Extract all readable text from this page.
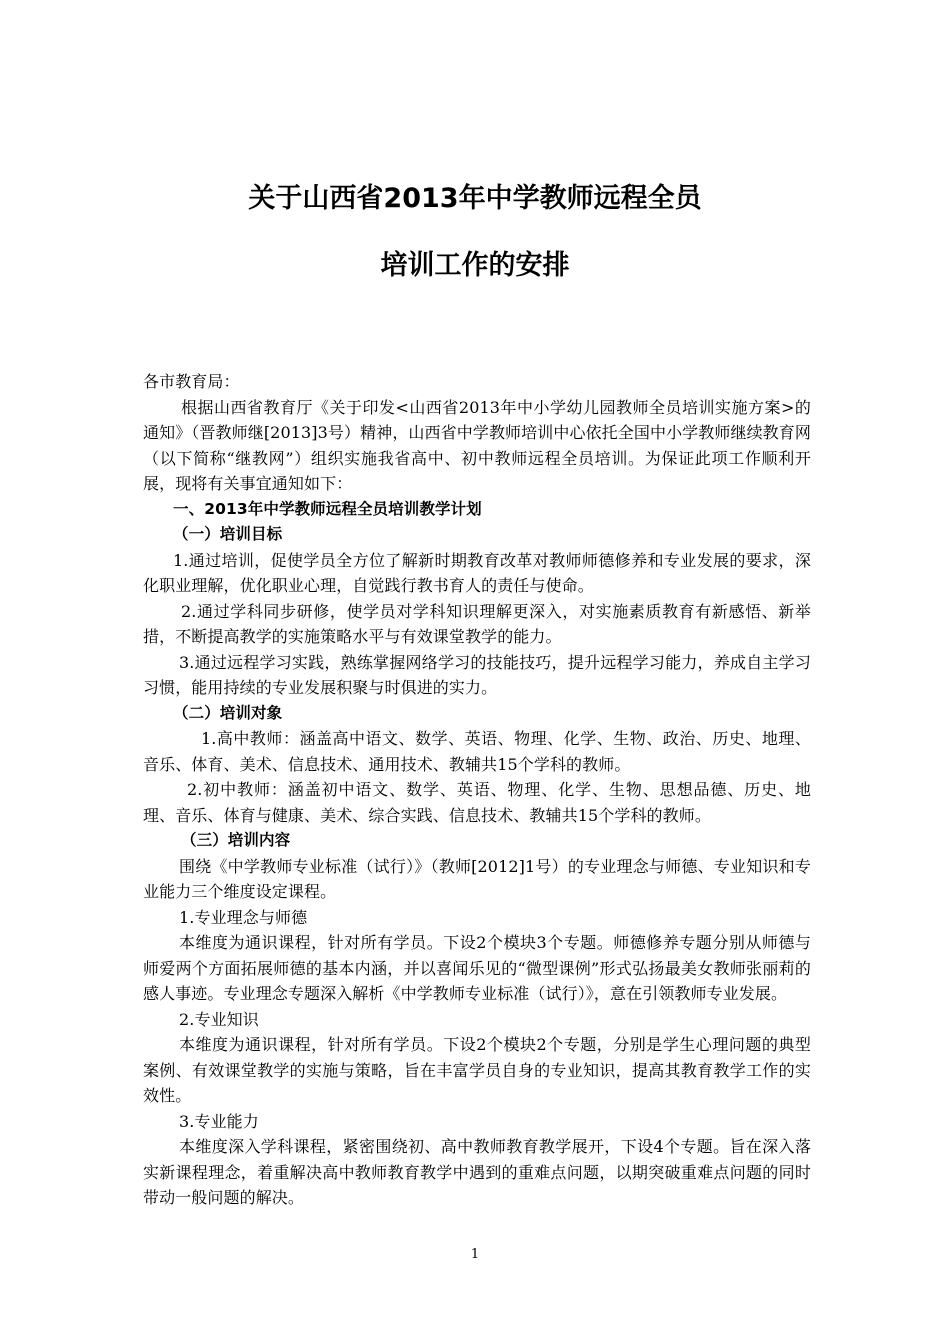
关于山西省2013年中学教师远程全员
培训工作的安排

各市教育局：

根据山西省教育厅《关于印发<山西省2013年中小学幼儿园教师全员培训实施方案>的通知》（晋教师继[2013]3号）精神，山西省中学教师培训中心依托全国中小学教师继续教育网（以下简称“继教网”）组织实施我省高中、初中教师远程全员培训。为保证此项工作顺利开展，现将有关事宜通知如下：

一、2013年中学教师远程全员培训教学计划

（一）培训目标

1.通过培训，促使学员全方位了解新时期教育改革对教师师德修养和专业发展的要求，深化职业理解，优化职业心理，自觉践行教书育人的责任与使命。

2.通过学科同步研修，使学员对学科知识理解更深入，对实施素质教育有新感悟、新举措，不断提高教学的实施策略水平与有效课堂教学的能力。

3.通过远程学习实践，熟练掌握网络学习的技能技巧，提升远程学习能力，养成自主学习习惯，能用持续的专业发展积聚与时俱进的实力。

（二）培训对象

1.高中教师：涵盖高中语文、数学、英语、物理、化学、生物、政治、历史、地理、音乐、体育、美术、信息技术、通用技术、教辅共15个学科的教师。

2.初中教师：涵盖初中语文、数学、英语、物理、化学、生物、思想品德、历史、地理、音乐、体育与健康、美术、综合实践、信息技术、教辅共15个学科的教师。

（三）培训内容

围绕《中学教师专业标准（试行）》（教师[2012]1号）的专业理念与师德、专业知识和专业能力三个维度设定课程。

1.专业理念与师德

本维度为通识课程，针对所有学员。下设2个模块3个专题。师德修养专题分别从师德与师爱两个方面拓展师德的基本内涵，并以喜闻乐见的“微型课例”形式弘扬最美女教师张丽莉的感人事迹。专业理念专题深入解析《中学教师专业标准（试行）》，意在引领教师专业发展。

2.专业知识

本维度为通识课程，针对所有学员。下设2个模块2个专题，分别是学生心理问题的典型案例、有效课堂教学的实施与策略，旨在丰富学员自身的专业知识，提高其教育教学工作的实效性。

3.专业能力

本维度深入学科课程，紧密围绕初、高中教师教育教学展开，下设4个专题。旨在深入落实新课程理念，着重解决高中教师教育教学中遇到的重难点问题，以期突破重难点问题的同时带动一般问题的解决。

1
